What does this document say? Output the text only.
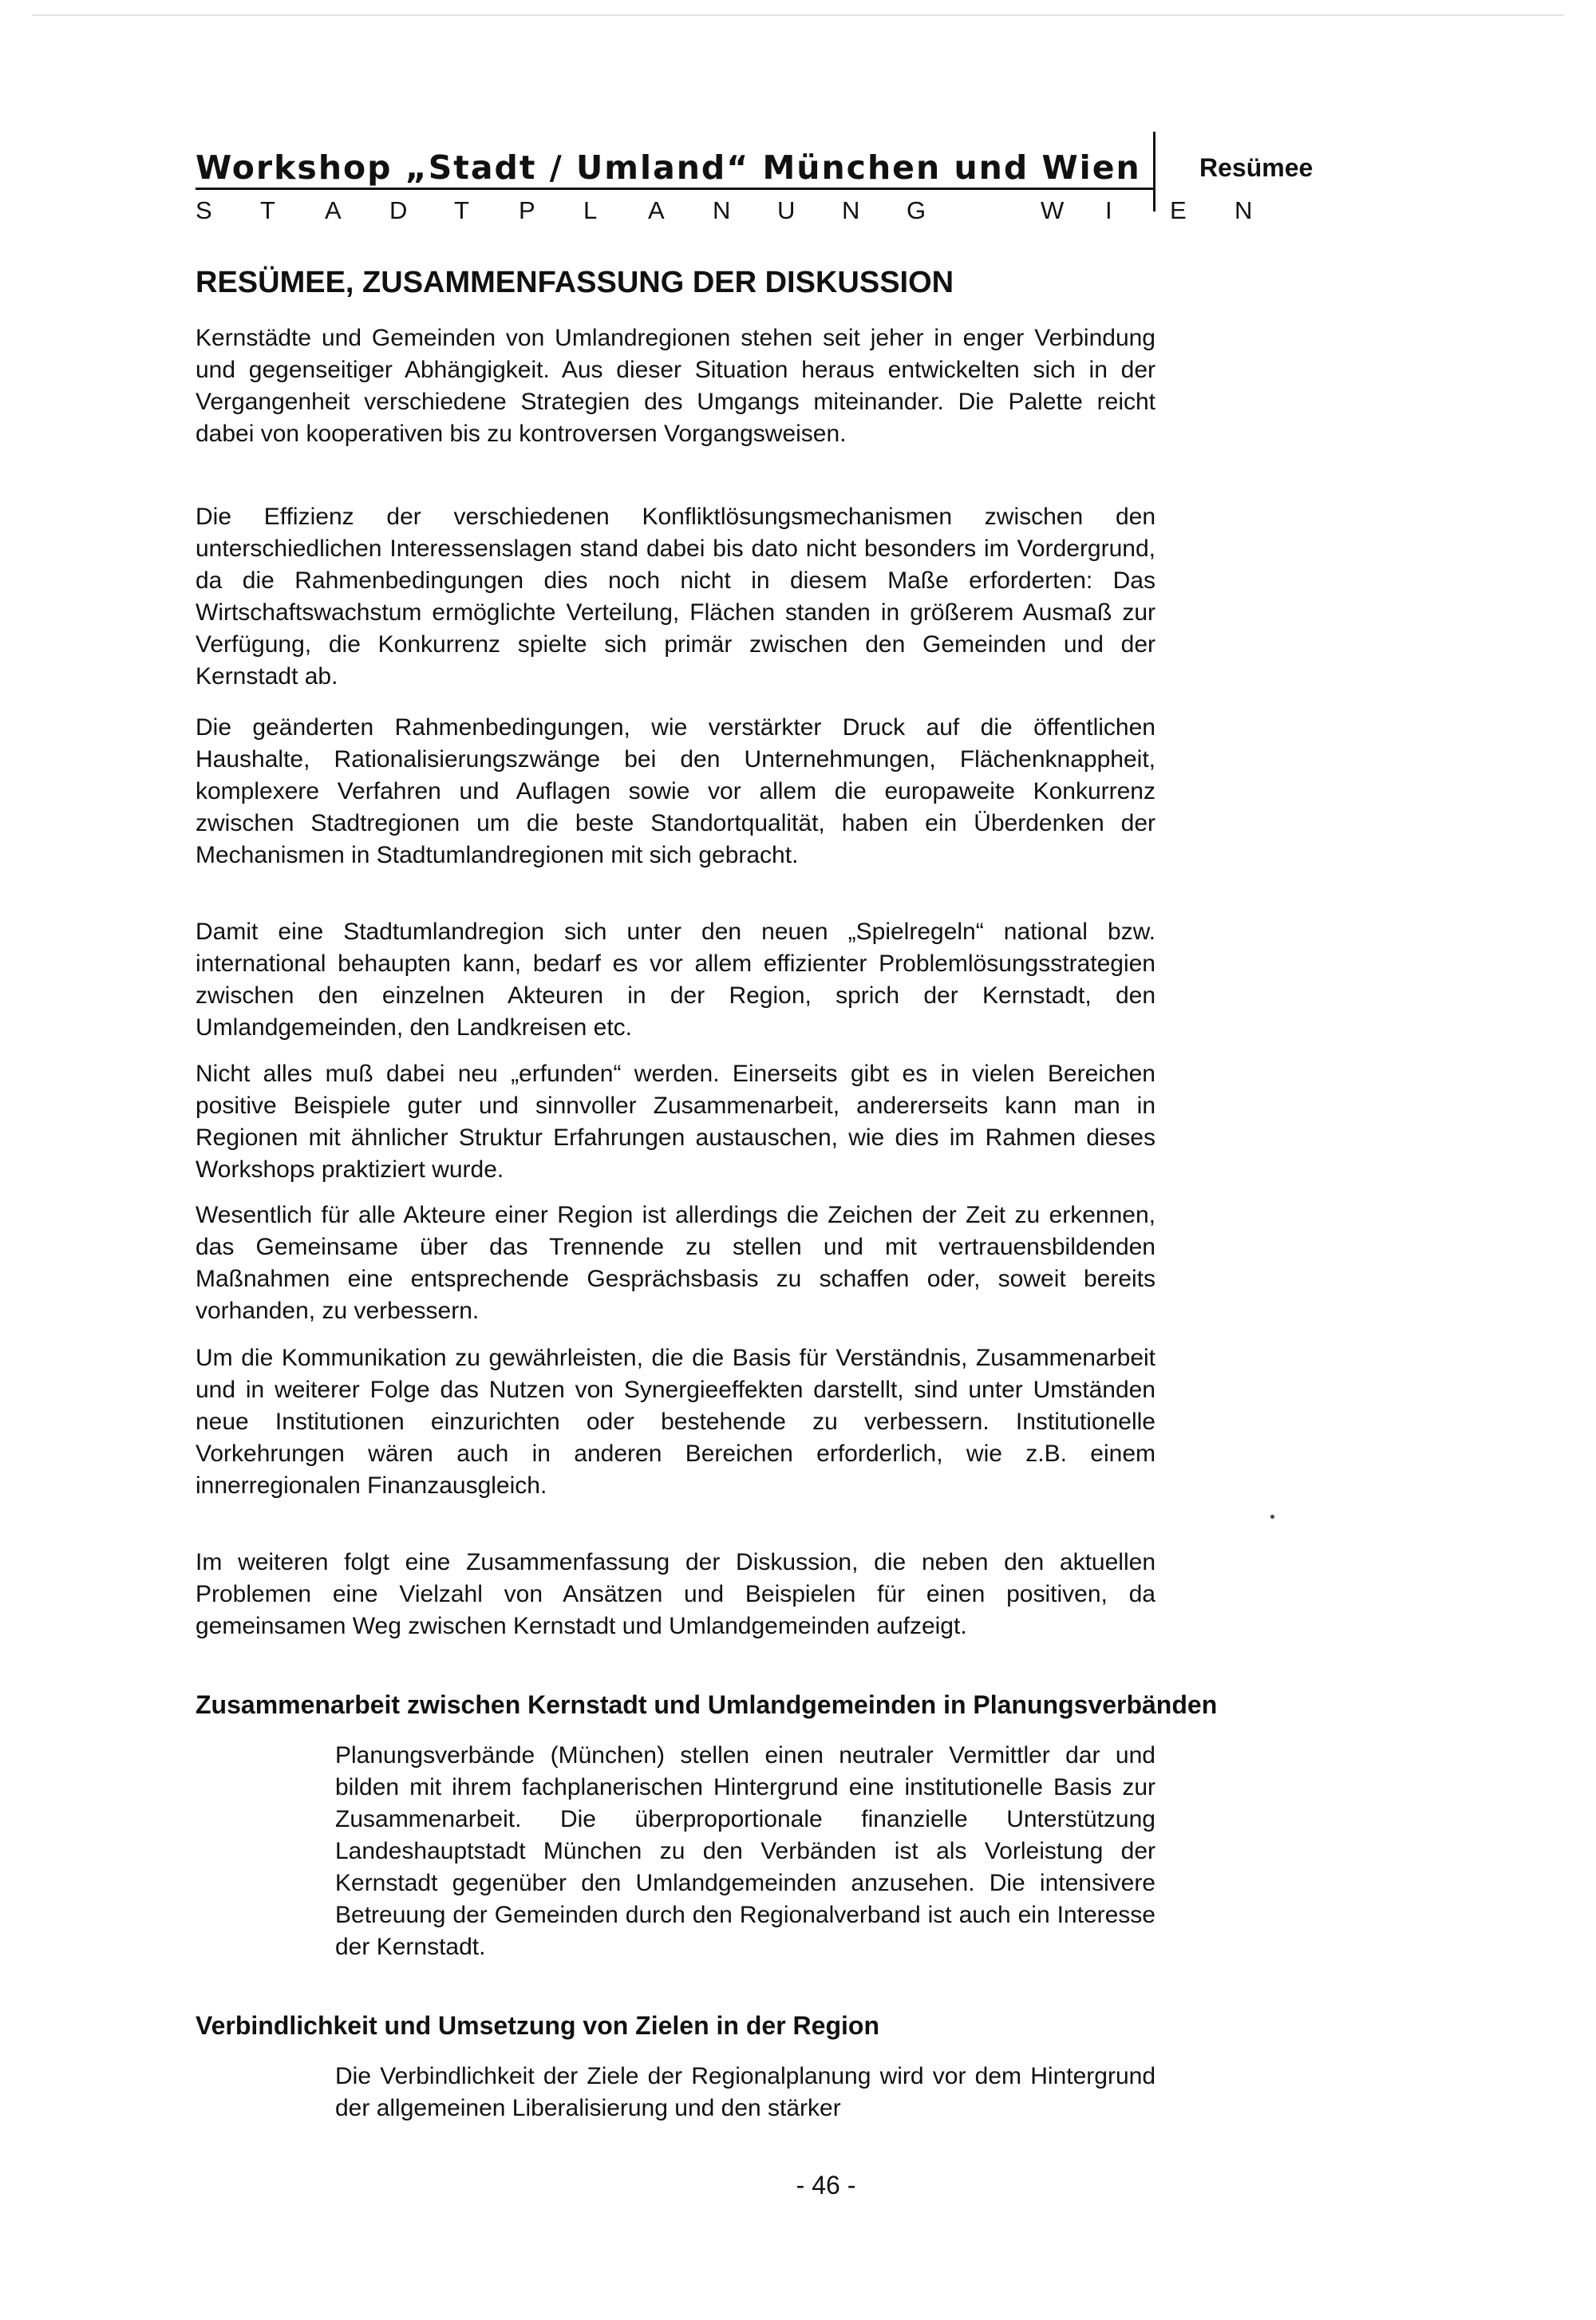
Workshop „Stadt / Umland“ München und Wien
S T A D T P L A N U N G	W I E N
Resümee
RESÜMEE, ZUSAMMENFASSUNG DER DISKUSSION

Kernstädte und Gemeinden von Umlandregionen stehen seit jeher in enger Verbindung und gegenseitiger Abhängigkeit. Aus dieser Situation heraus entwickelten sich in der Vergangenheit verschiedene Strategien des Umgangs miteinander. Die Palette reicht dabei von kooperativen bis zu kontroversen Vorgangsweisen.

Die Effizienz der verschiedenen Konfliktlösungsmechanismen zwischen den unterschiedlichen Interessenslagen stand dabei bis dato nicht besonders im Vordergrund, da die Rahmenbedingungen dies noch nicht in diesem Maße erforderten: Das Wirtschaftswachstum ermöglichte Verteilung, Flächen standen in größerem Ausmaß zur Verfügung, die Konkurrenz spielte sich primär zwischen den Gemeinden und der Kernstadt ab.

Die geänderten Rahmenbedingungen, wie verstärkter Druck auf die öffentlichen Haushalte, Rationalisierungszwänge bei den Unternehmungen, Flächenknappheit, komplexere Verfahren und Auflagen sowie vor allem die europaweite Konkurrenz zwischen Stadtregionen um die beste Standortqualität, haben ein Überdenken der Mechanismen in Stadtumlandregionen mit sich gebracht.

Damit eine Stadtumlandregion sich unter den neuen „Spielregeln“ national bzw. international behaupten kann, bedarf es vor allem effizienter Problemlösungsstrategien zwischen den einzelnen Akteuren in der Region, sprich der Kernstadt, den Umlandgemeinden, den Landkreisen etc.

Nicht alles muß dabei neu „erfunden“ werden. Einerseits gibt es in vielen Bereichen positive Beispiele guter und sinnvoller Zusammenarbeit, andererseits kann man in Regionen mit ähnlicher Struktur Erfahrungen austauschen, wie dies im Rahmen dieses Workshops praktiziert wurde.

Wesentlich für alle Akteure einer Region ist allerdings die Zeichen der Zeit zu erkennen, das Gemeinsame über das Trennende zu stellen und mit vertrauensbildenden Maßnahmen eine entsprechende Gesprächsbasis zu schaffen oder, soweit bereits vorhanden, zu verbessern.

Um die Kommunikation zu gewährleisten, die die Basis für Verständnis, Zusammenarbeit und in weiterer Folge das Nutzen von Synergieeffekten darstellt, sind unter Umständen neue Institutionen einzurichten oder bestehende zu verbessern. Institutionelle Vorkehrungen wären auch in anderen Bereichen erforderlich, wie z.B. einem innerregionalen Finanzausgleich.

Im weiteren folgt eine Zusammenfassung der Diskussion, die neben den aktuellen Problemen eine Vielzahl von Ansätzen und Beispielen für einen positiven, da gemeinsamen Weg zwischen Kernstadt und Umlandgemeinden aufzeigt.

Zusammenarbeit zwischen Kernstadt und Umlandgemeinden in Planungsverbänden

Planungsverbände (München) stellen einen neutraler Vermittler dar und bilden mit ihrem fachplanerischen Hintergrund eine institutionelle Basis zur Zusammenarbeit. Die überproportionale finanzielle Unterstützung Landeshauptstadt München zu den Verbänden ist als Vorleistung der Kernstadt gegenüber den Umlandgemeinden anzusehen. Die intensivere Betreuung der Gemeinden durch den Regionalverband ist auch ein Interesse der Kernstadt.

Verbindlichkeit und Umsetzung von Zielen in der Region

Die Verbindlichkeit der Ziele der Regionalplanung wird vor dem Hintergrund der allgemeinen Liberalisierung und den stärker

- 46 -
